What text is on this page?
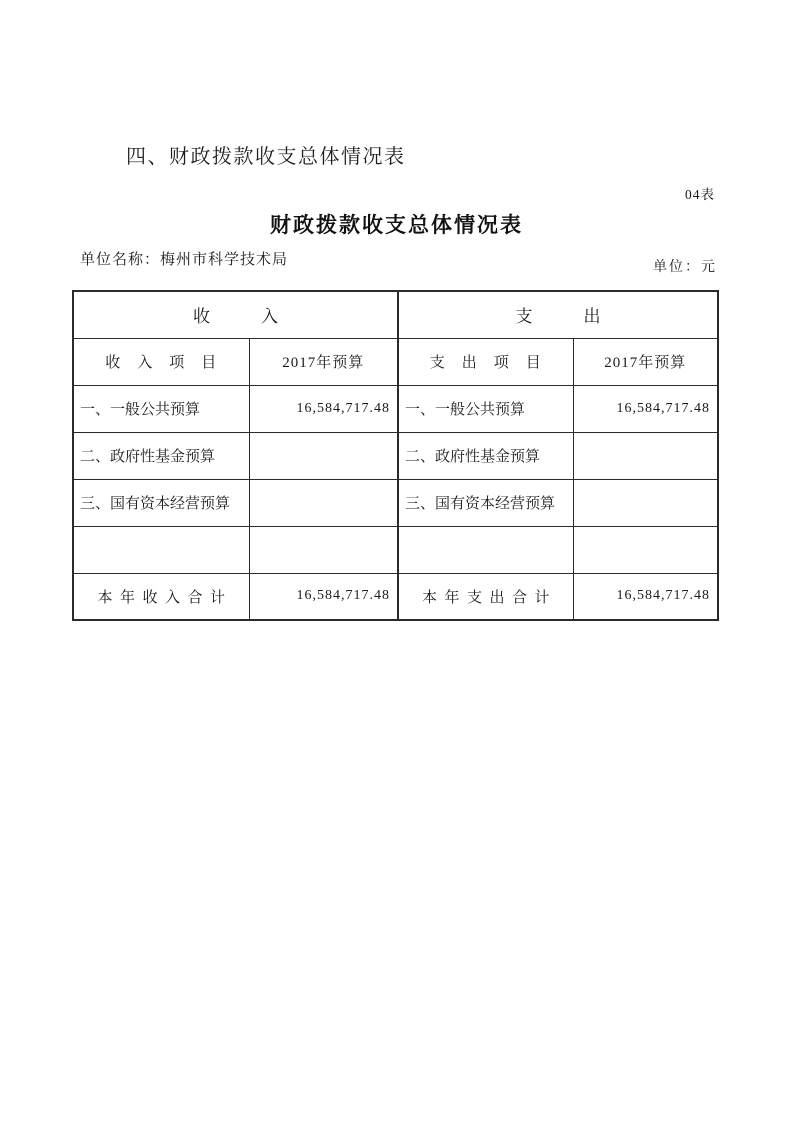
四、财政拨款收支总体情况表
04表
财政拨款收支总体情况表
单位名称：梅州市科学技术局	单位：元
收　　　入		支　　　出	
收　入　项　目	2017年预算	支　出　项　目	2017年预算
一、一般公共预算	16,584,717.48	一、一般公共预算	16,584,717.48
二、政府性基金预算		二、政府性基金预算	
三、国有资本经营预算		三、国有资本经营预算	

本 年 收 入 合 计	16,584,717.48	本 年 支 出 合 计	16,584,717.48
